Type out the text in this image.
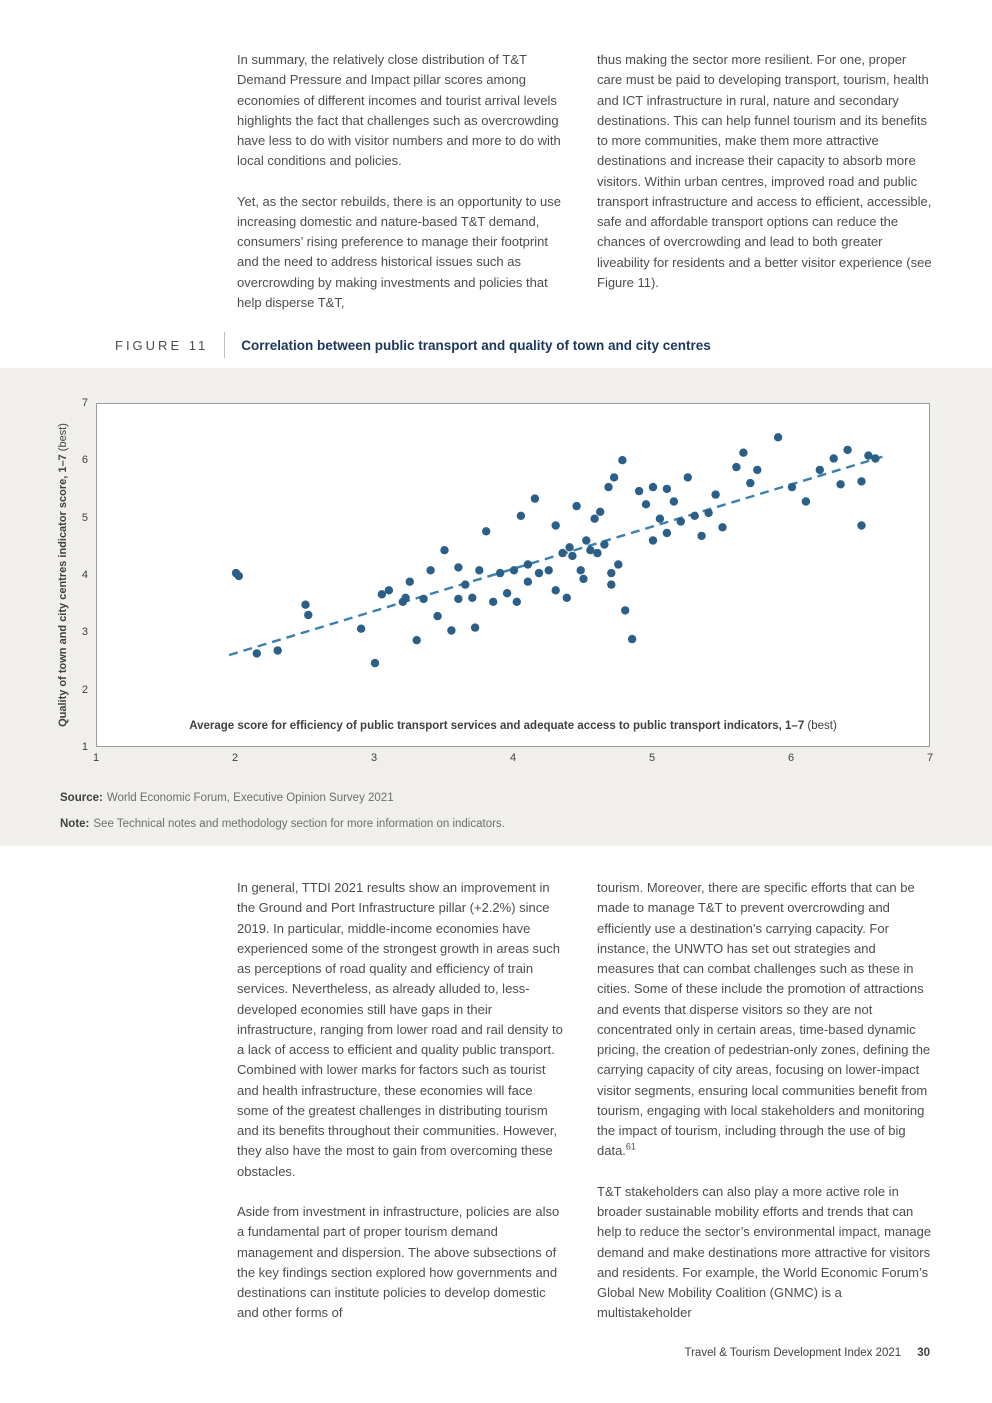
In summary, the relatively close distribution of T&T Demand Pressure and Impact pillar scores among economies of different incomes and tourist arrival levels highlights the fact that challenges such as overcrowding have less to do with visitor numbers and more to do with local conditions and policies.

Yet, as the sector rebuilds, there is an opportunity to use increasing domestic and nature-based T&T demand, consumers’ rising preference to manage their footprint and the need to address historical issues such as overcrowding by making investments and policies that help disperse T&T,

thus making the sector more resilient. For one, proper care must be paid to developing transport, tourism, health and ICT infrastructure in rural, nature and secondary destinations. This can help funnel tourism and its benefits to more communities, make them more attractive destinations and increase their capacity to absorb more visitors. Within urban centres, improved road and public transport infrastructure and access to efficient, accessible, safe and affordable transport options can reduce the chances of overcrowding and lead to both greater liveability for residents and a better visitor experience (see Figure 11).

FIGURE 11 Correlation between public transport and quality of town and city centres
Quality of town and city centres indicator score, 1–7 (best)
Average score for efficiency of public transport services and adequate access to public transport indicators, 1–7 (best)
1	2	3	4	5	6	7
1
2
3
4
5
6
7
Source: World Economic Forum, Executive Opinion Survey 2021
Note: See Technical notes and methodology section for more information on indicators.

In general, TTDI 2021 results show an improvement in the Ground and Port Infrastructure pillar (+2.2%) since 2019. In particular, middle-income economies have experienced some of the strongest growth in areas such as perceptions of road quality and efficiency of train services. Nevertheless, as already alluded to, less-developed economies still have gaps in their infrastructure, ranging from lower road and rail density to a lack of access to efficient and quality public transport. Combined with lower marks for factors such as tourist and health infrastructure, these economies will face some of the greatest challenges in distributing tourism and its benefits throughout their communities. However, they also have the most to gain from overcoming these obstacles.

Aside from investment in infrastructure, policies are also a fundamental part of proper tourism demand management and dispersion. The above subsections of the key findings section explored how governments and destinations can institute policies to develop domestic and other forms of

tourism. Moreover, there are specific efforts that can be made to manage T&T to prevent overcrowding and efficiently use a destination’s carrying capacity. For instance, the UNWTO has set out strategies and measures that can combat challenges such as these in cities. Some of these include the promotion of attractions and events that disperse visitors so they are not concentrated only in certain areas, time-based dynamic pricing, the creation of pedestrian-only zones, defining the carrying capacity of city areas, focusing on lower-impact visitor segments, ensuring local communities benefit from tourism, engaging with local stakeholders and monitoring the impact of tourism, including through the use of big data.$^{61}$

T&T stakeholders can also play a more active role in broader sustainable mobility efforts and trends that can help to reduce the sector’s environmental impact, manage demand and make destinations more attractive for visitors and residents. For example, the World Economic Forum’s Global New Mobility Coalition (GNMC) is a multistakeholder

Travel & Tourism Development Index 2021 30
